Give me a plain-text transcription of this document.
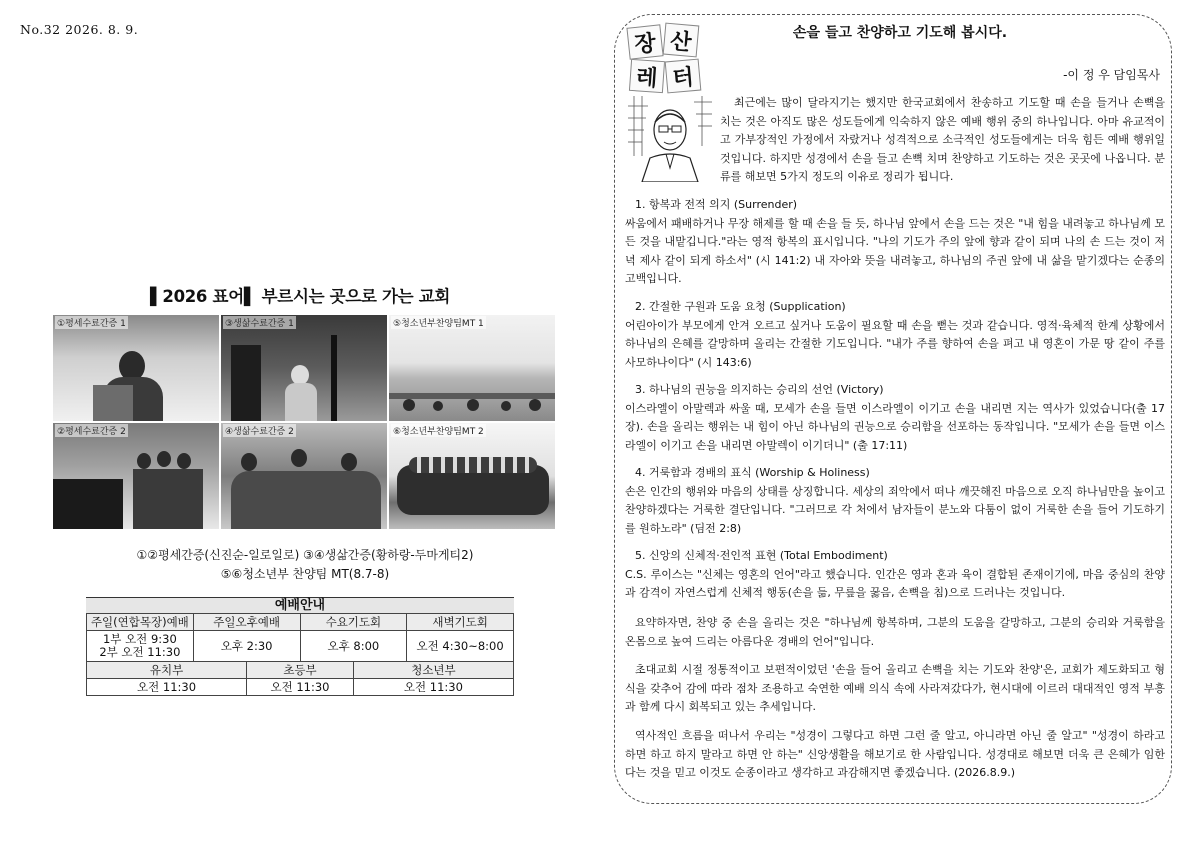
No.32 2026. 8. 9.
▌2026 표어▌ 부르시는 곳으로 가는 교회
①평세수료간증 1	③생삶수료간증 1	⑤청소년부찬양팀MT 1
②평세수료간증 2	④생삶수료간증 2	⑥청소년부찬양팀MT 2
①②평세간증(신진순-일로일로) ③④생삶간증(황하랑-두마게티2)
⑤⑥청소년부 찬양팀 MT(8.7-8)
예배안내
주일(연합목장)예배	주일오후예배		수요기도회		새벽기도회
1부 오전 9:30
2부 오전 11:30	오후 2:30		오후 8:00		오전 4:30~8:00
유치부		초등부		청소년부	
오전 11:30		오전 11:30		오전 11:30	
장 산
레 터
손을 들고 찬양하고 기도해 봅시다.
-이 정 우 담임목사
최근에는 많이 달라지기는 했지만 한국교회에서 찬송하고 기도할 때 손을 들거나 손뼉을 치는 것은 아직도 많은 성도들에게 익숙하지 않은 예배 행위 중의 하나입니다. 아마 유교적이고 가부장적인 가정에서 자랐거나 성격적으로 소극적인 성도들에게는 더욱 힘든 예배 행위일 것입니다. 하지만 성경에서 손을 들고 손뼉 치며 찬양하고 기도하는 것은 곳곳에 나옵니다. 분류를 해보면 5가지 정도의 이유로 정리가 됩니다.

1. 항복과 전적 의지 (Surrender)

싸움에서 패배하거나 무장 해제를 할 때 손을 들 듯, 하나님 앞에서 손을 드는 것은 "내 힘을 내려놓고 하나님께 모든 것을 내맡깁니다."라는 영적 항복의 표시입니다. "나의 기도가 주의 앞에 향과 같이 되며 나의 손 드는 것이 저녁 제사 같이 되게 하소서" (시 141:2) 내 자아와 뜻을 내려놓고, 하나님의 주권 앞에 내 삶을 맡기겠다는 순종의 고백입니다.

2. 간절한 구원과 도움 요청 (Supplication)

어린아이가 부모에게 안겨 오르고 싶거나 도움이 필요할 때 손을 뻗는 것과 같습니다. 영적·육체적 한계 상황에서 하나님의 은혜를 갈망하며 올리는 간절한 기도입니다. "내가 주를 향하여 손을 펴고 내 영혼이 가문 땅 같이 주를 사모하나이다" (시 143:6)

3. 하나님의 권능을 의지하는 승리의 선언 (Victory)

이스라엘이 아말렉과 싸울 때, 모세가 손을 들면 이스라엘이 이기고 손을 내리면 지는 역사가 있었습니다(출 17장). 손을 올리는 행위는 내 힘이 아닌 하나님의 권능으로 승리함을 선포하는 동작입니다. "모세가 손을 들면 이스라엘이 이기고 손을 내리면 아말렉이 이기더니" (출 17:11)

4. 거룩함과 경배의 표식 (Worship & Holiness)

손은 인간의 행위와 마음의 상태를 상징합니다. 세상의 죄악에서 떠나 깨끗해진 마음으로 오직 하나님만을 높이고 찬양하겠다는 거룩한 결단입니다. "그러므로 각 처에서 남자들이 분노와 다툼이 없이 거룩한 손을 들어 기도하기를 원하노라" (딤전 2:8)

5. 신앙의 신체적·전인적 표현 (Total Embodiment)

C.S. 루이스는 "신체는 영혼의 언어"라고 했습니다. 인간은 영과 혼과 육이 결합된 존재이기에, 마음 중심의 찬양과 감격이 자연스럽게 신체적 행동(손을 듦, 무릎을 꿇음, 손뼉을 침)으로 드러나는 것입니다.

요약하자면, 찬양 중 손을 올리는 것은 "하나님께 항복하며, 그분의 도움을 갈망하고, 그분의 승리와 거룩함을 온몸으로 높여 드리는 아름다운 경배의 언어"입니다.
초대교회 시절 정통적이고 보편적이었던 '손을 들어 올리고 손뼉을 치는 기도와 찬양'은, 교회가 제도화되고 형식을 갖추어 감에 따라 점차 조용하고 숙연한 예배 의식 속에 사라져갔다가, 현시대에 이르러 대대적인 영적 부흥과 함께 다시 회복되고 있는 추세입니다.
역사적인 흐름을 떠나서 우리는 "성경이 그렇다고 하면 그런 줄 알고, 아니라면 아닌 줄 알고" "성경이 하라고 하면 하고 하지 말라고 하면 안 하는" 신앙생활을 해보기로 한 사람입니다. 성경대로 해보면 더욱 큰 은혜가 임한다는 것을 믿고 이것도 순종이라고 생각하고 과감해지면 좋겠습니다. (2026.8.9.)
